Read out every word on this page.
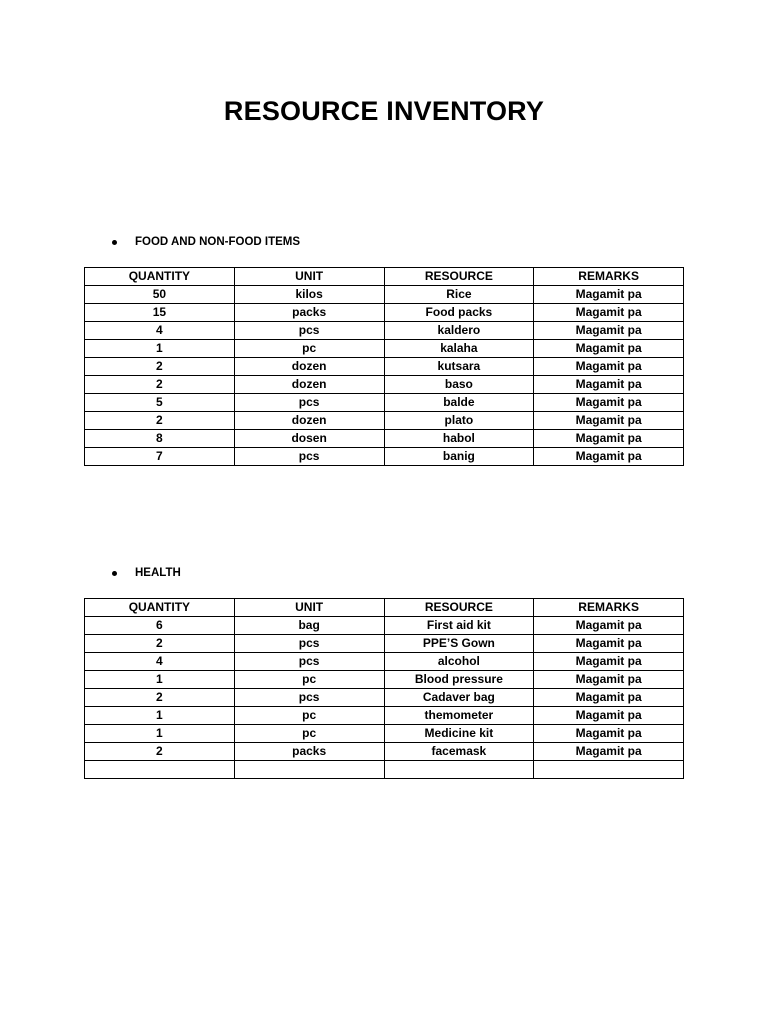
RESOURCE INVENTORY
FOOD AND NON-FOOD ITEMS
QUANTITY	UNIT	RESOURCE	REMARKS
50	kilos	Rice	Magamit pa
15	packs	Food packs	Magamit pa
4	pcs	kaldero	Magamit pa
1	pc	kalaha	Magamit pa
2	dozen	kutsara	Magamit pa
2	dozen	baso	Magamit pa
5	pcs	balde	Magamit pa
2	dozen	plato	Magamit pa
8	dosen	habol	Magamit pa
7	pcs	banig	Magamit pa
HEALTH
QUANTITY	UNIT	RESOURCE	REMARKS
6	bag	First aid kit	Magamit pa
2	pcs	PPE’S Gown	Magamit pa
4	pcs	alcohol	Magamit pa
1	pc	Blood pressure	Magamit pa
2	pcs	Cadaver bag	Magamit pa
1	pc	themometer	Magamit pa
1	pc	Medicine kit	Magamit pa
2	packs	facemask	Magamit pa
